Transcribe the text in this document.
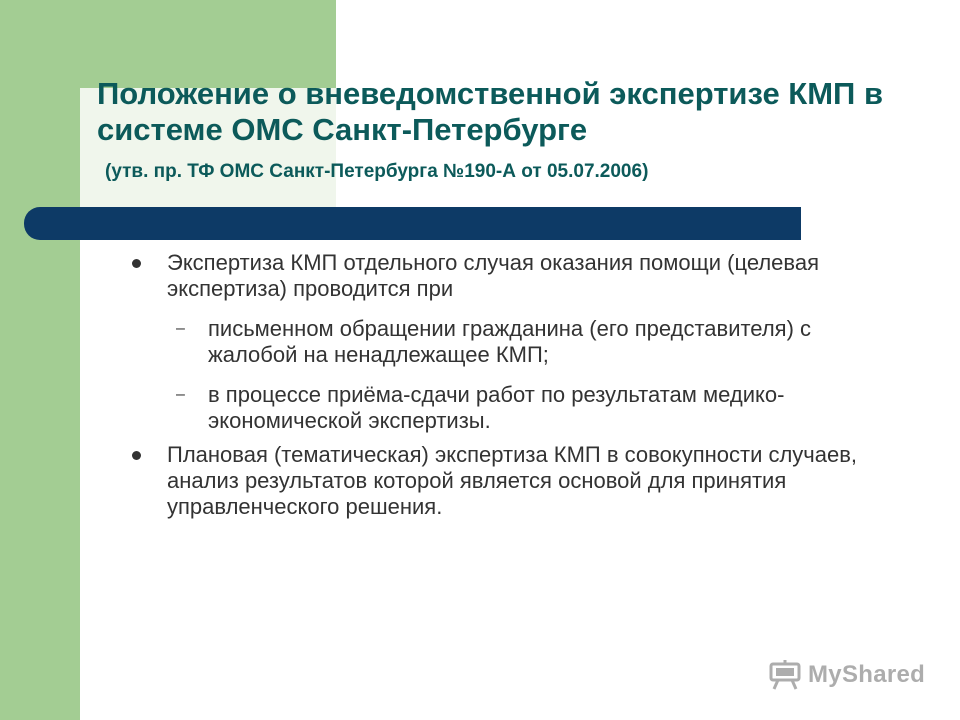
Положение о вневедомственной экспертизе КМП в системе ОМС Санкт-Петербурге
(утв. пр. ТФ ОМС Санкт-Петербурга №190-А от 05.07.2006)
Экспертиза КМП отдельного случая оказания помощи (целевая экспертиза) проводится при
– письменном обращении гражданина (его представителя) с жалобой на ненадлежащее КМП;
– в процессе приёма-сдачи работ по результатам медико-экономической экспертизы.
Плановая (тематическая) экспертиза КМП в совокупности случаев, анализ результатов которой является основой для принятия управленческого решения.
MyShared
